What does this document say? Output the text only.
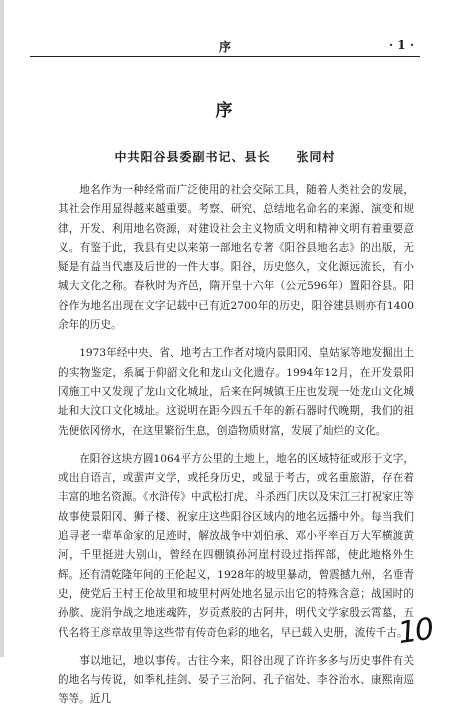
序	· 1 ·
序
中共阳谷县委副书记、县长 张同村

地名作为一种经常而广泛使用的社会交际工具，随着人类社会的发展，其社会作用显得越来越重要。考察、研究、总结地名命名的来源、演变和规律，开发、利用地名资源，对建设社会主义物质文明和精神文明有着重要意义。有鉴于此，我县有史以来第一部地名专著《阳谷县地名志》的出版，无疑是有益当代惠及后世的一件大事。阳谷，历史悠久，文化源远流长，有小城大文化之称。春秋时为齐邑，隋开皇十六年（公元596年）置阳谷县。阳谷作为地名出现在文字记载中已有近2700年的历史，阳谷建县则亦有1400余年的历史。

1973年经中央、省、地考古工作者对境内景阳冈、皇姑冢等地发掘出土的实物鉴定，系属于仰韶文化和龙山文化遗存。1994年12月，在开发景阳冈施工中又发现了龙山文化城址，后来在阿城镇王庄也发现一处龙山文化城址和大汶口文化城址。这说明在距今四五千年的新石器时代晚期，我们的祖先便依冈傍水，在这里繁衍生息，创造物质财富，发展了灿烂的文化。

在阳谷这块方圆1064平方公里的土地上，地名的区域特征或形于文字，或出自语言，或蜚声文学，或托身历史，或显于考古，或名重旅游，存在着丰富的地名资源。《水浒传》中武松打虎、斗杀西门庆以及宋江三打祝家庄等故事使景阳冈、狮子楼、祝家庄这些阳谷区域内的地名远播中外。每当我们追寻老一辈革命家的足迹时，解放战争中刘伯承、邓小平率百万大军横渡黄河，千里挺进大别山，曾经在四棚镇孙河崖村设过指挥部，使此地格外生辉。还有清乾隆年间的王伦起义，1928年的坡里暴动，曾震撼九州，名垂青史，使党后王村王伦故里和坡里村两处地名显示出它的特殊含意；战国时的孙膑、庞涓争战之地迷魂阵，岁贡煮胶的古阿井，明代文学家殷云霄墓，五代名将王彦章故里等这些带有传奇色彩的地名，早已载入史册，流传千古。

事以地记，地以事传。古往今来，阳谷出现了许许多多与历史事件有关的地名与传说，如季札挂剑、晏子三治阿、孔子宿处、李谷治水、康熙南巡等等。近几

10
